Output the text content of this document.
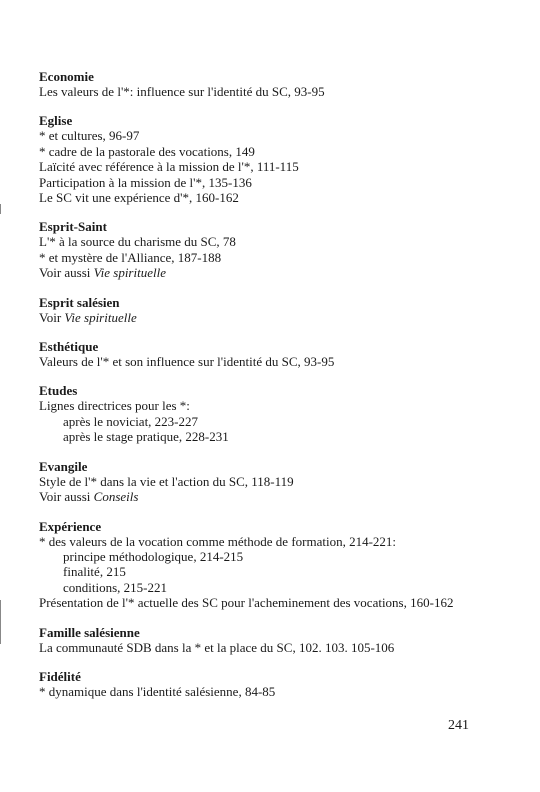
Economie
Les valeurs de l'*: influence sur l'identité du SC, 93-95
Eglise
* et cultures, 96-97
* cadre de la pastorale des vocations, 149
Laïcité avec référence à la mission de l'*, 111-115
Participation à la mission de l'*, 135-136
Le SC vit une expérience d'*, 160-162
Esprit-Saint
L'* à la source du charisme du SC, 78
* et mystère de l'Alliance, 187-188
Voir aussi Vie spirituelle
Esprit salésien
Voir Vie spirituelle
Esthétique
Valeurs de l'* et son influence sur l'identité du SC, 93-95
Etudes
Lignes directrices pour les *:
après le noviciat, 223-227
après le stage pratique, 228-231
Evangile
Style de l'* dans la vie et l'action du SC, 118-119
Voir aussi Conseils
Expérience
* des valeurs de la vocation comme méthode de formation, 214-221:
principe méthodologique, 214-215
finalité, 215
conditions, 215-221
Présentation de l'* actuelle des SC pour l'acheminement des vocations, 160-162
Famille salésienne
La communauté SDB dans la * et la place du SC, 102. 103. 105-106
Fidélité
* dynamique dans l'identité salésienne, 84-85
241
